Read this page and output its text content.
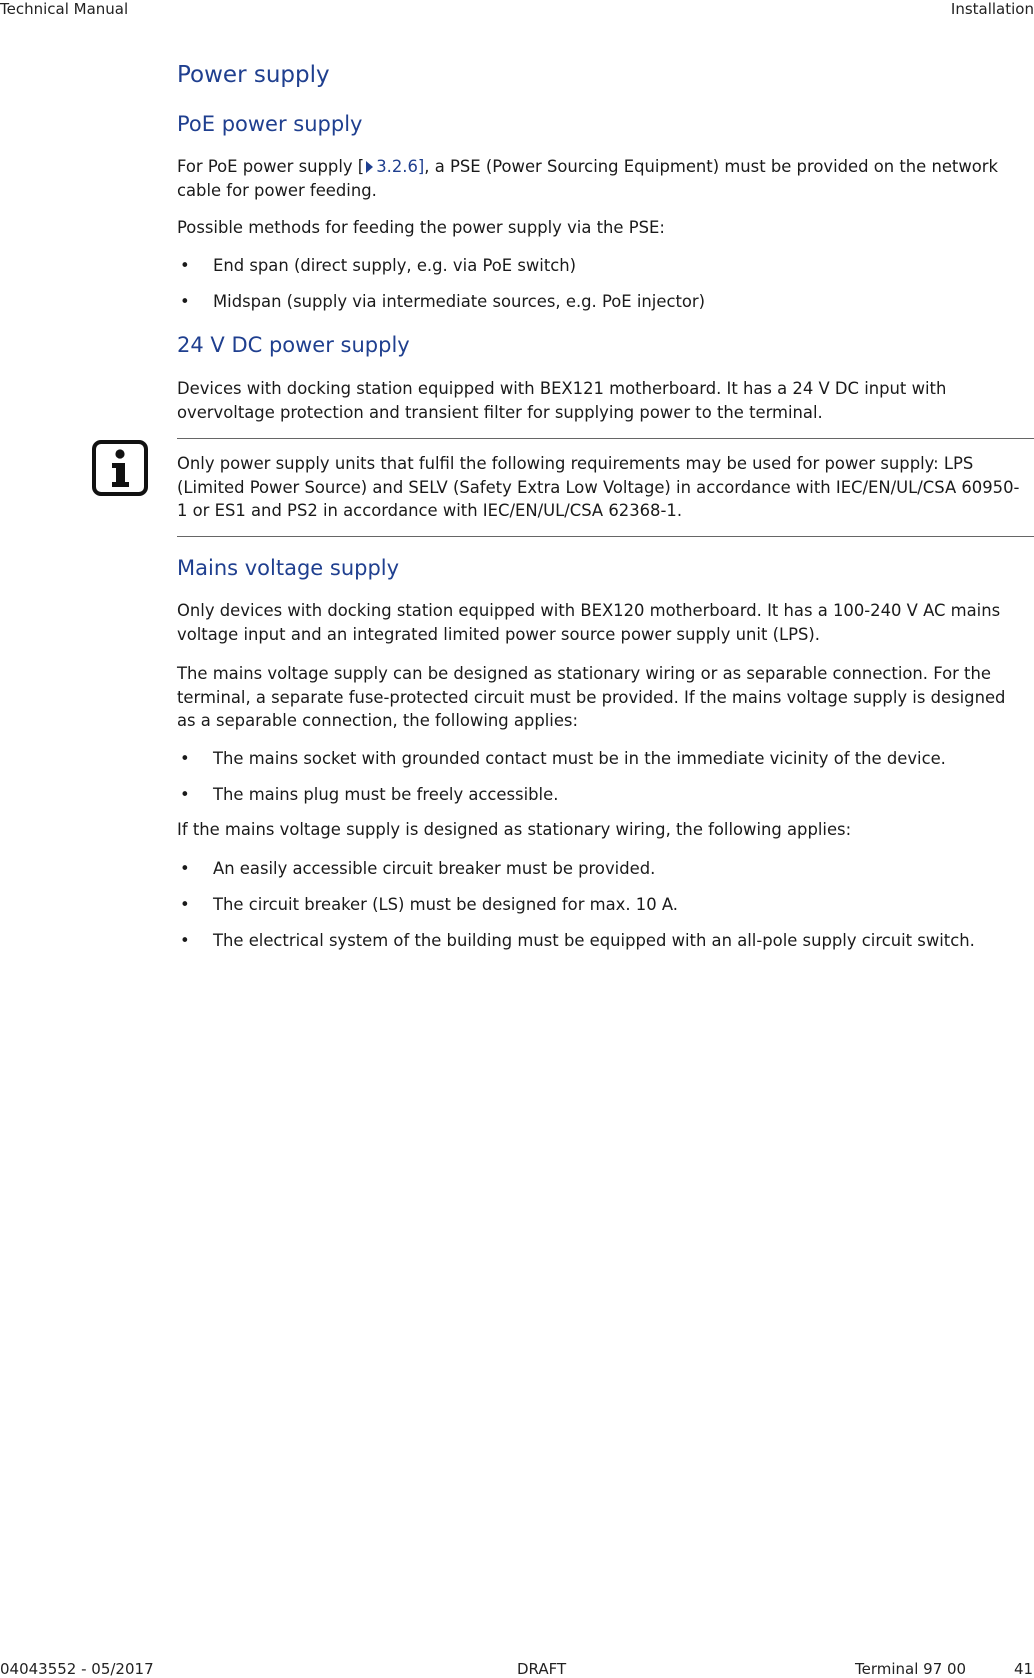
Technical Manual	Installation
Power supply
PoE power supply

For PoE power supply [ 3.2.6], a PSE (Power Sourcing Equipment) must be provided on the network cable for power feeding.

Possible methods for feeding the power supply via the PSE:

• End span (direct supply, e.g. via PoE switch)
• Midspan (supply via intermediate sources, e.g. PoE injector)
24 V DC power supply

Devices with docking station equipped with BEX121 motherboard. It has a 24 V DC input with overvoltage protection and transient filter for supplying power to the terminal.

Only power supply units that fulfil the following requirements may be used for power supply: LPS (Limited Power Source) and SELV (Safety Extra Low Voltage) in accordance with IEC/EN/UL/CSA 60950-1 or ES1 and PS2 in accordance with IEC/EN/UL/CSA 62368-1.

Mains voltage supply

Only devices with docking station equipped with BEX120 motherboard. It has a 100-240 V AC mains voltage input and an integrated limited power source power supply unit (LPS).

The mains voltage supply can be designed as stationary wiring or as separable connection. For the terminal, a separate fuse-protected circuit must be provided. If the mains voltage supply is designed as a separable connection, the following applies:

• The mains socket with grounded contact must be in the immediate vicinity of the device.
• The mains plug must be freely accessible.

If the mains voltage supply is designed as stationary wiring, the following applies:

• An easily accessible circuit breaker must be provided.
• The circuit breaker (LS) must be designed for max. 10 A.
• The electrical system of the building must be equipped with an all-pole supply circuit switch.
04043552 - 05/2017	DRAFT	Terminal 97 00	41
